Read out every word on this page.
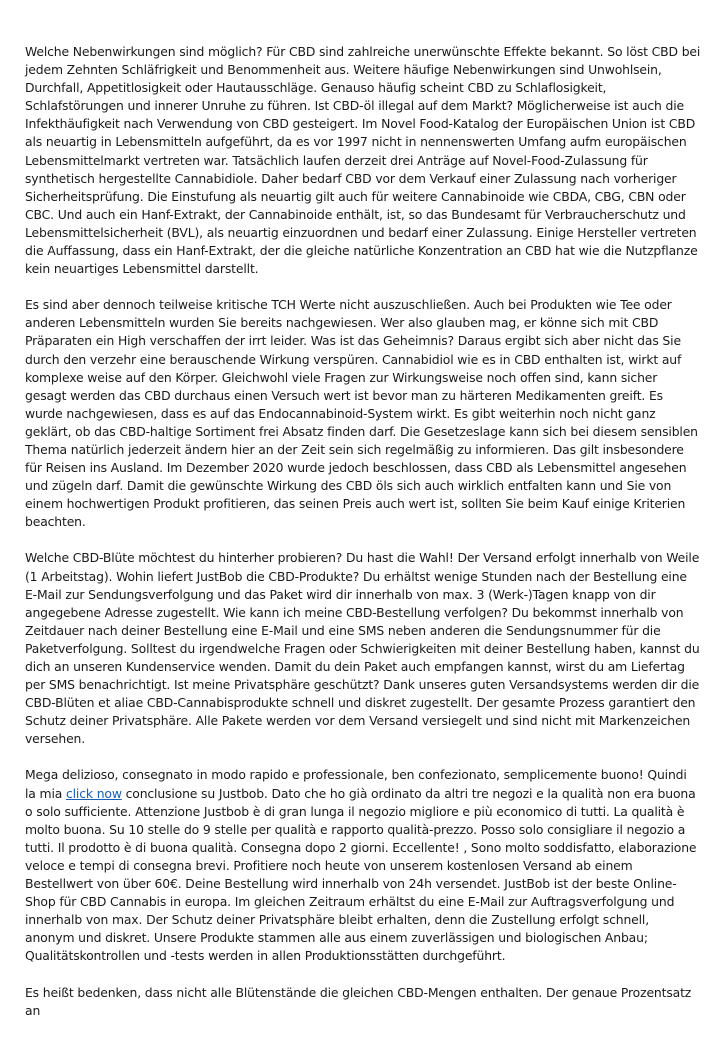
Welche Nebenwirkungen sind möglich? Für CBD sind zahlreiche unerwünschte Effekte bekannt. So löst CBD bei jedem Zehnten Schläfrigkeit und Benommenheit aus. Weitere häufige Nebenwirkungen sind Unwohlsein, Durchfall, Appetitlosigkeit oder Hautausschläge. Genauso häufig scheint CBD zu Schlaflosigkeit, Schlafstörungen und innerer Unruhe zu führen. Ist CBD-öl illegal auf dem Markt? Möglicherweise ist auch die Infekthäufigkeit nach Verwendung von CBD gesteigert. Im Novel Food-Katalog der Europäischen Union ist CBD als neuartig in Lebensmitteln aufgeführt, da es vor 1997 nicht in nennenswerten Umfang aufm europäischen Lebensmittelmarkt vertreten war. Tatsächlich laufen derzeit drei Anträge auf Novel-Food-Zulassung für synthetisch hergestellte Cannabidiole. Daher bedarf CBD vor dem Verkauf einer Zulassung nach vorheriger Sicherheitsprüfung. Die Einstufung als neuartig gilt auch für weitere Cannabinoide wie CBDA, CBG, CBN oder CBC. Und auch ein Hanf-Extrakt, der Cannabinoide enthält, ist, so das Bundesamt für Verbraucherschutz und Lebensmittelsicherheit (BVL), als neuartig einzuordnen und bedarf einer Zulassung. Einige Hersteller vertreten die Auffassung, dass ein Hanf-Extrakt, der die gleiche natürliche Konzentration an CBD hat wie die Nutzpflanze kein neuartiges Lebensmittel darstellt.

Es sind aber dennoch teilweise kritische TCH Werte nicht auszuschließen. Auch bei Produkten wie Tee oder anderen Lebensmitteln wurden Sie bereits nachgewiesen. Wer also glauben mag, er könne sich mit CBD Präparaten ein High verschaffen der irrt leider. Was ist das Geheimnis? Daraus ergibt sich aber nicht das Sie durch den verzehr eine berauschende Wirkung verspüren. Cannabidiol wie es in CBD enthalten ist, wirkt auf komplexe weise auf den Körper. Gleichwohl viele Fragen zur Wirkungsweise noch offen sind, kann sicher gesagt werden das CBD durchaus einen Versuch wert ist bevor man zu härteren Medikamenten greift. Es wurde nachgewiesen, dass es auf das Endocannabinoid-System wirkt. Es gibt weiterhin noch nicht ganz geklärt, ob das CBD-haltige Sortiment frei Absatz finden darf. Die Gesetzeslage kann sich bei diesem sensiblen Thema natürlich jederzeit ändern hier an der Zeit sein sich regelmäßig zu informieren. Das gilt insbesondere für Reisen ins Ausland. Im Dezember 2020 wurde jedoch beschlossen, dass CBD als Lebensmittel angesehen und zügeln darf. Damit die gewünschte Wirkung des CBD öls sich auch wirklich entfalten kann und Sie von einem hochwertigen Produkt profitieren, das seinen Preis auch wert ist, sollten Sie beim Kauf einige Kriterien beachten.

Welche CBD-Blüte möchtest du hinterher probieren? Du hast die Wahl! Der Versand erfolgt innerhalb von Weile (1 Arbeitstag). Wohin liefert JustBob die CBD-Produkte? Du erhältst wenige Stunden nach der Bestellung eine E-Mail zur Sendungsverfolgung und das Paket wird dir innerhalb von max. 3 (Werk-)Tagen knapp von dir angegebene Adresse zugestellt. Wie kann ich meine CBD-Bestellung verfolgen? Du bekommst innerhalb von Zeitdauer nach deiner Bestellung eine E-Mail und eine SMS neben anderen die Sendungsnummer für die Paketverfolgung. Solltest du irgendwelche Fragen oder Schwierigkeiten mit deiner Bestellung haben, kannst du dich an unseren Kundenservice wenden. Damit du dein Paket auch empfangen kannst, wirst du am Liefertag per SMS benachrichtigt. Ist meine Privatsphäre geschützt? Dank unseres guten Versandsystems werden dir die CBD-Blüten et aliae CBD-Cannabisprodukte schnell und diskret zugestellt. Der gesamte Prozess garantiert den Schutz deiner Privatsphäre. Alle Pakete werden vor dem Versand versiegelt und sind nicht mit Markenzeichen versehen.

Mega delizioso, consegnato in modo rapido e professionale, ben confezionato, semplicemente buono! Quindi la mia click now conclusione su Justbob. Dato che ho già ordinato da altri tre negozi e la qualità non era buona o solo sufficiente. Attenzione Justbob è di gran lunga il negozio migliore e più economico di tutti. La qualità è molto buona. Su 10 stelle do 9 stelle per qualità e rapporto qualità-prezzo. Posso solo consigliare il negozio a tutti. Il prodotto è di buona qualità. Consegna dopo 2 giorni. Eccellente! , Sono molto soddisfatto, elaborazione veloce e tempi di consegna brevi. Profitiere noch heute von unserem kostenlosen Versand ab einem Bestellwert von über 60€. Deine Bestellung wird innerhalb von 24h versendet. JustBob ist der beste Online-Shop für CBD Cannabis in europa. Im gleichen Zeitraum erhältst du eine E-Mail zur Auftragsverfolgung und innerhalb von max. Der Schutz deiner Privatsphäre bleibt erhalten, denn die Zustellung erfolgt schnell, anonym und diskret. Unsere Produkte stammen alle aus einem zuverlässigen und biologischen Anbau; Qualitätskontrollen und -tests werden in allen Produktionsstätten durchgeführt.

Es heißt bedenken, dass nicht alle Blütenstände die gleichen CBD-Mengen enthalten. Der genaue Prozentsatz an
